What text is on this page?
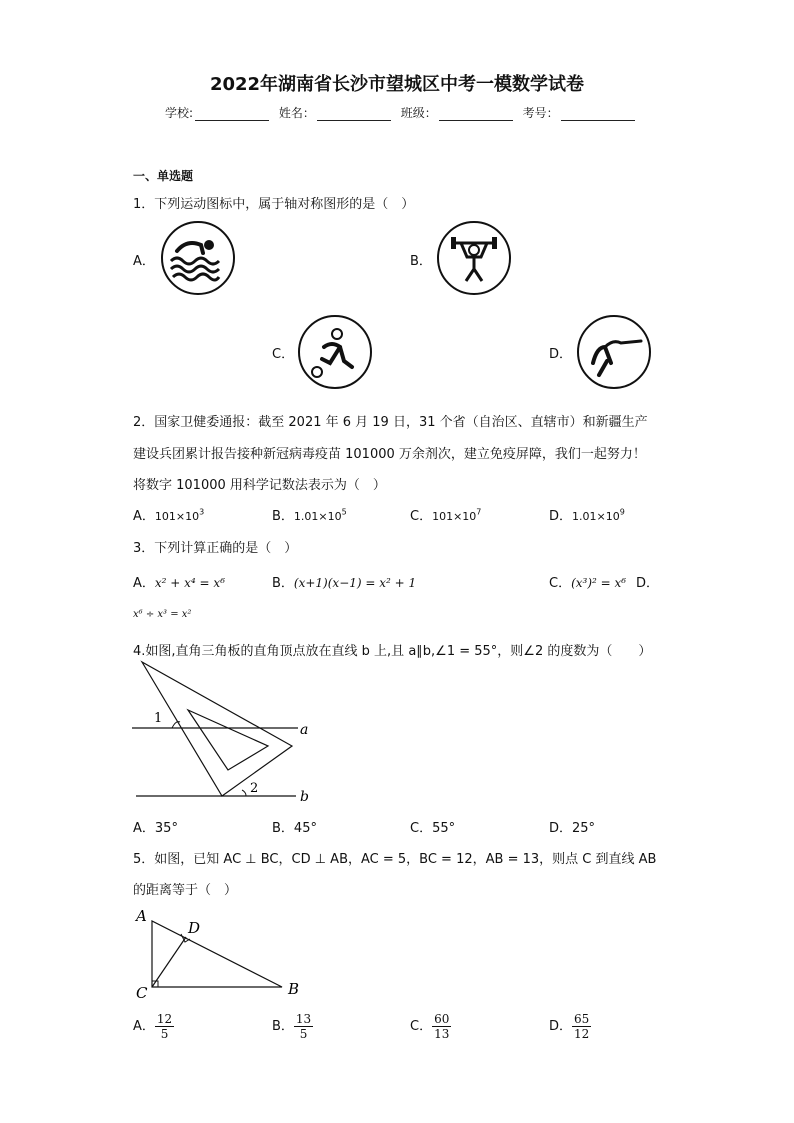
2022年湖南省长沙市望城区中考一模数学试卷
学校:	姓名：	班级：	考号：
一、单选题
1．下列运动图标中，属于轴对称图形的是（　）
A．	B．
C．	D．
2．国家卫健委通报：截至 2021 年 6 月 19 日，31 个省（自治区、直辖市）和新疆生产
建设兵团累计报告接种新冠病毒疫苗 101000 万余剂次，建立免疫屏障，我们一起努力！
将数字 101000 用科学记数法表示为（　）
A．$101\times 10^3$	B．$1.01\times 10^5$	C．$101\times 10^7$	D．$1.01\times 10^9$
3．下列计算正确的是（　）
A．x² + x⁴ = x⁶	B．(x+1)(x−1) = x² + 1	C．(x³)² = x⁶ D．
x⁶ ÷ x³ = x²
4.如图,直角三角板的直角顶点放在直线 b 上,且 a∥b,∠1 = 55°，则∠2 的度数为（　　）
1
2
a
b
A．35°	B．45°	C．55°	D．25°
5．如图，已知 AC ⊥ BC，CD ⊥ AB，AC = 5，BC = 12，AB = 13，则点 C 到直线 AB
的距离等于（　）
A
D
C	B
A． $\frac{12}{5}$	B． $\frac{13}{5}$	C． $\frac{60}{13}$	D． $\frac{65}{12}$
